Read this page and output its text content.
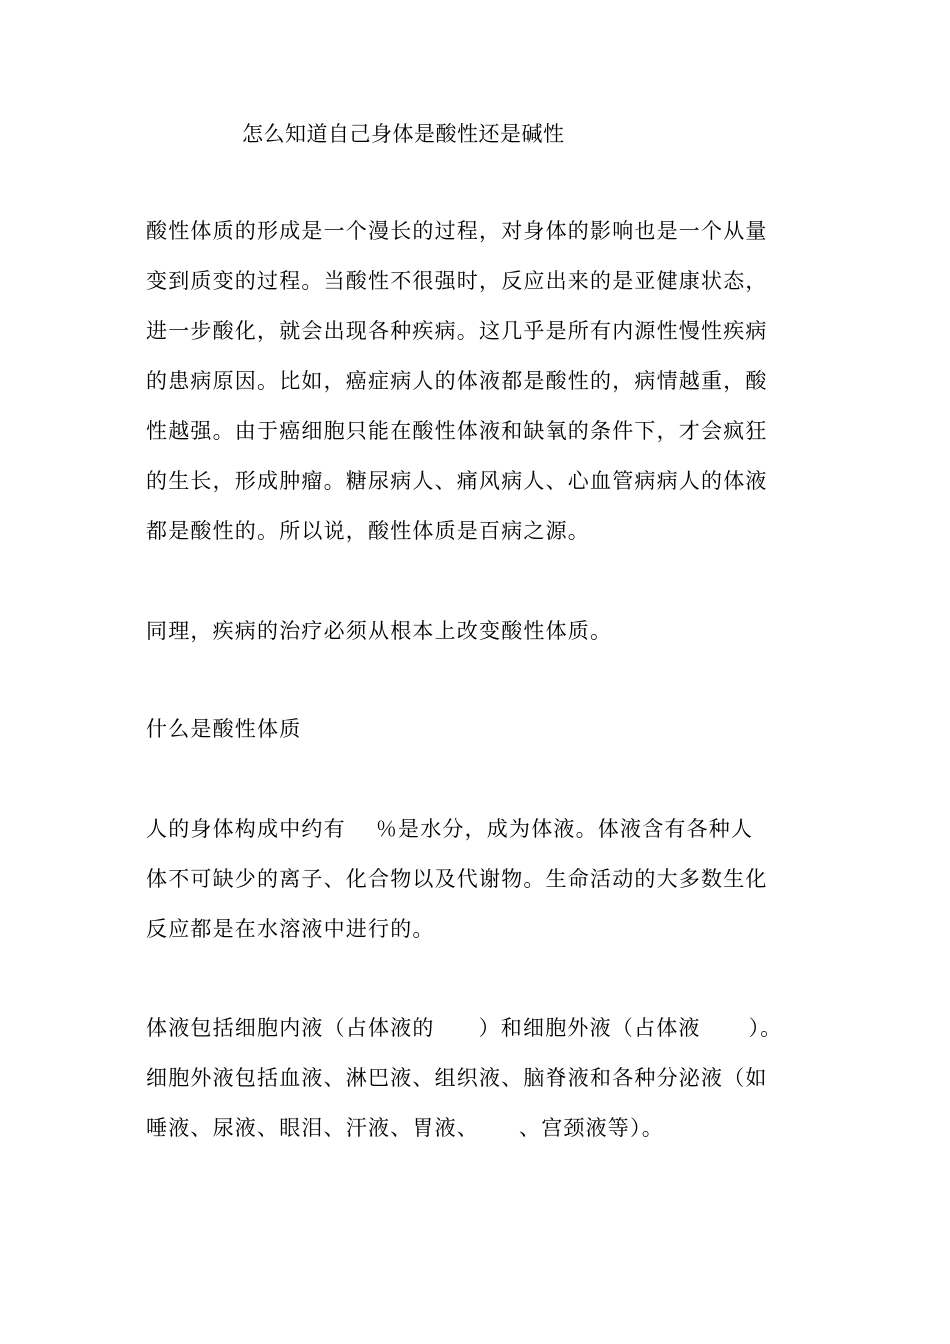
怎么知道自己身体是酸性还是碱性
酸性体质的形成是一个漫长的过程，对身体的影响也是一个从量
变到质变的过程。当酸性不很强时，反应出来的是亚健康状态，
进一步酸化，就会出现各种疾病。这几乎是所有内源性慢性疾病
的患病原因。比如，癌症病人的体液都是酸性的，病情越重，酸
性越强。由于癌细胞只能在酸性体液和缺氧的条件下，才会疯狂
的生长，形成肿瘤。糖尿病人、痛风病人、心血管病病人的体液
都是酸性的。所以说，酸性体质是百病之源。
同理，疾病的治疗必须从根本上改变酸性体质。
什么是酸性体质
人的身体构成中约有 ％是水分，成为体液。体液含有各种人
体不可缺少的离子、化合物以及代谢物。生命活动的大多数生化
反应都是在水溶液中进行的。
体液包括细胞内液（占体液的 ）和细胞外液（占体液 ）。
细胞外液包括血液、淋巴液、组织液、脑脊液和各种分泌液（如
唾液、尿液、眼泪、汗液、胃液、 、宫颈液等）。
